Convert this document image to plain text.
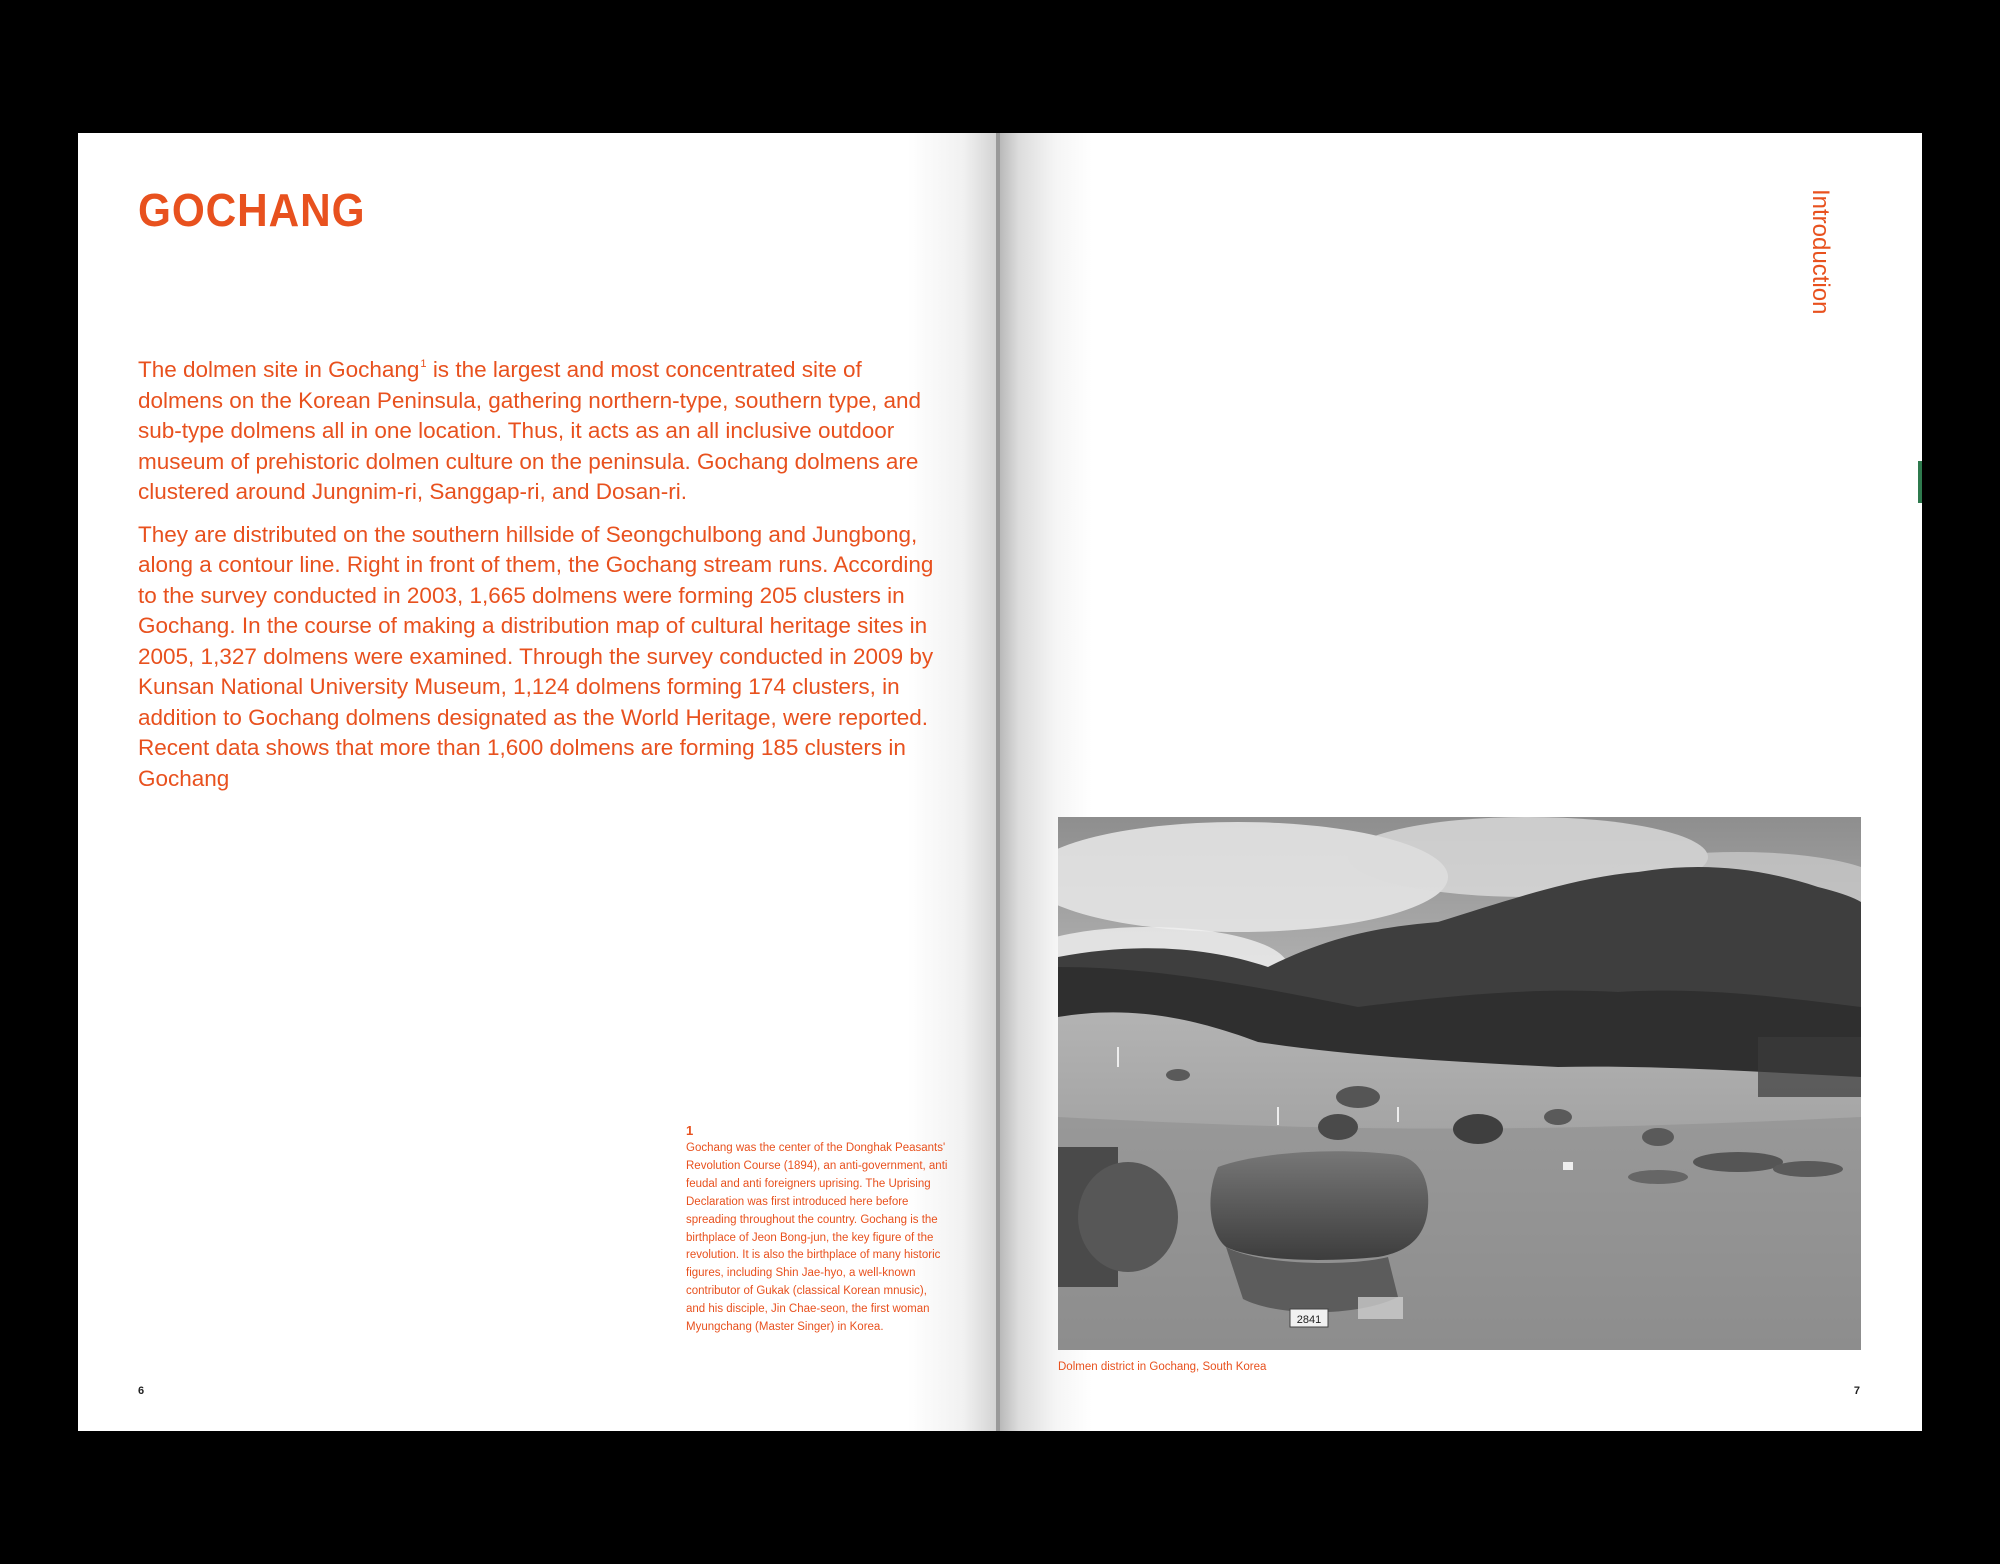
GOCHANG

The dolmen site in Gochang$^1$ is the largest and most concentrated site of dolmens on the Korean Peninsula, gathering northern-type, southern type, and sub-type dolmens all in one location. Thus, it acts as an all inclusive outdoor museum of prehistoric dolmen culture on the peninsula. Gochang dolmens are clustered around Jungnim-ri, Sanggap-ri, and Dosan-ri.

They are distributed on the southern hillside of Seongchulbong and Jungbong, along a contour line. Right in front of them, the Gochang stream runs. According to the survey conducted in 2003, 1,665 dolmens were forming 205 clusters in Gochang. In the course of making a distribution map of cultural heritage sites in 2005, 1,327 dolmens were examined. Through the survey conducted in 2009 by Kunsan National University Museum, 1,124 dolmens forming 174 clusters, in addition to Gochang dolmens designated as the World Heritage, were reported. Recent data shows that more than 1,600 dolmens are forming 185 clusters in Gochang

1
Gochang was the center of the Donghak Peasants' Revolution Course (1894), an anti-government, anti feudal and anti foreigners uprising. The Uprising Declaration was first introduced here before spreading throughout the country. Gochang is the birthplace of Jeon Bong-jun, the key figure of the revolution. It is also the birthplace of many historic figures, including Shin Jae-hyo, a well-known contributor of Gukak (classical Korean mnusic), and his disciple, Jin Chae-seon, the first woman Myungchang (Master Singer) in Korea.
6
Introduction
2841
Dolmen district in Gochang, South Korea
7
